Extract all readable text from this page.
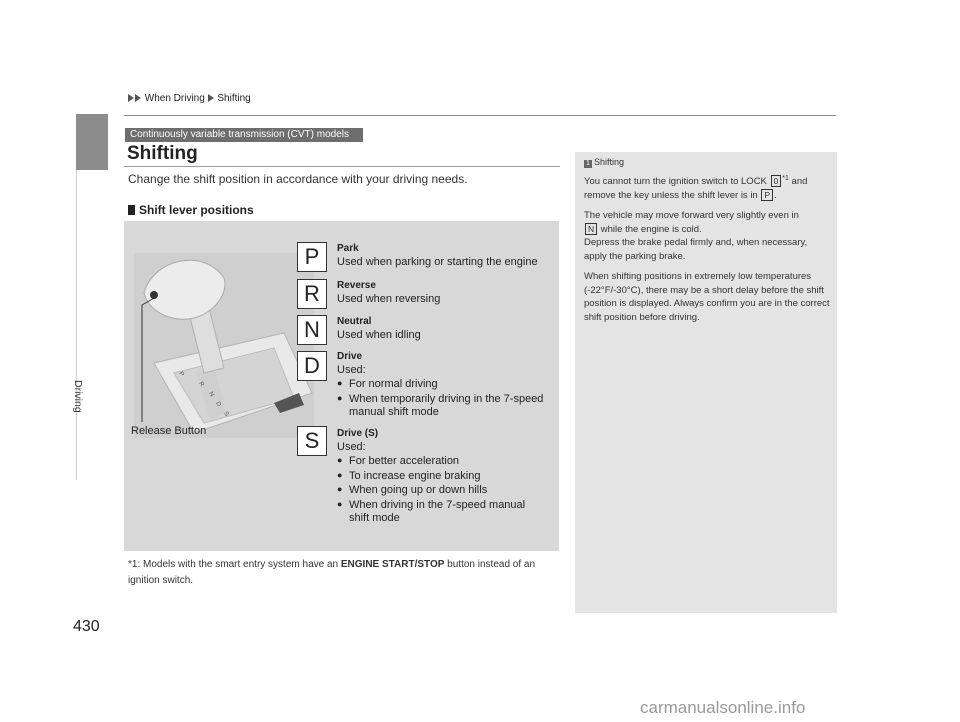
When Driving Shifting
Driving
Continuously variable transmission (CVT) models
Shifting
Change the shift position in accordance with your driving needs.
Shift lever positions
P
R
N
D
S
Release Button
P	Park
Used when parking or starting the engine
R	Reverse
Used when reversing
N	Neutral
Used when idling
D	Drive
Used:
● For normal driving
● When temporarily driving in the 7-speed manual shift mode
S	Drive (S)
Used:
● For better acceleration
● To increase engine braking
● When going up or down hills
● When driving in the 7-speed manual shift mode
*1: Models with the smart entry system have an ENGINE START/STOP button instead of an ignition switch.
1 Shifting

You cannot turn the ignition switch to LOCK 0 $^{*1}$ and remove the key unless the shift lever is in P .

The vehicle may move forward very slightly even in
N while the engine is cold.
Depress the brake pedal firmly and, when necessary, apply the parking brake.

When shifting positions in extremely low temperatures (-22°F/-30°C), there may be a short delay before the shift position is displayed. Always confirm you are in the correct shift position before driving.

430
carmanualsonline.info
